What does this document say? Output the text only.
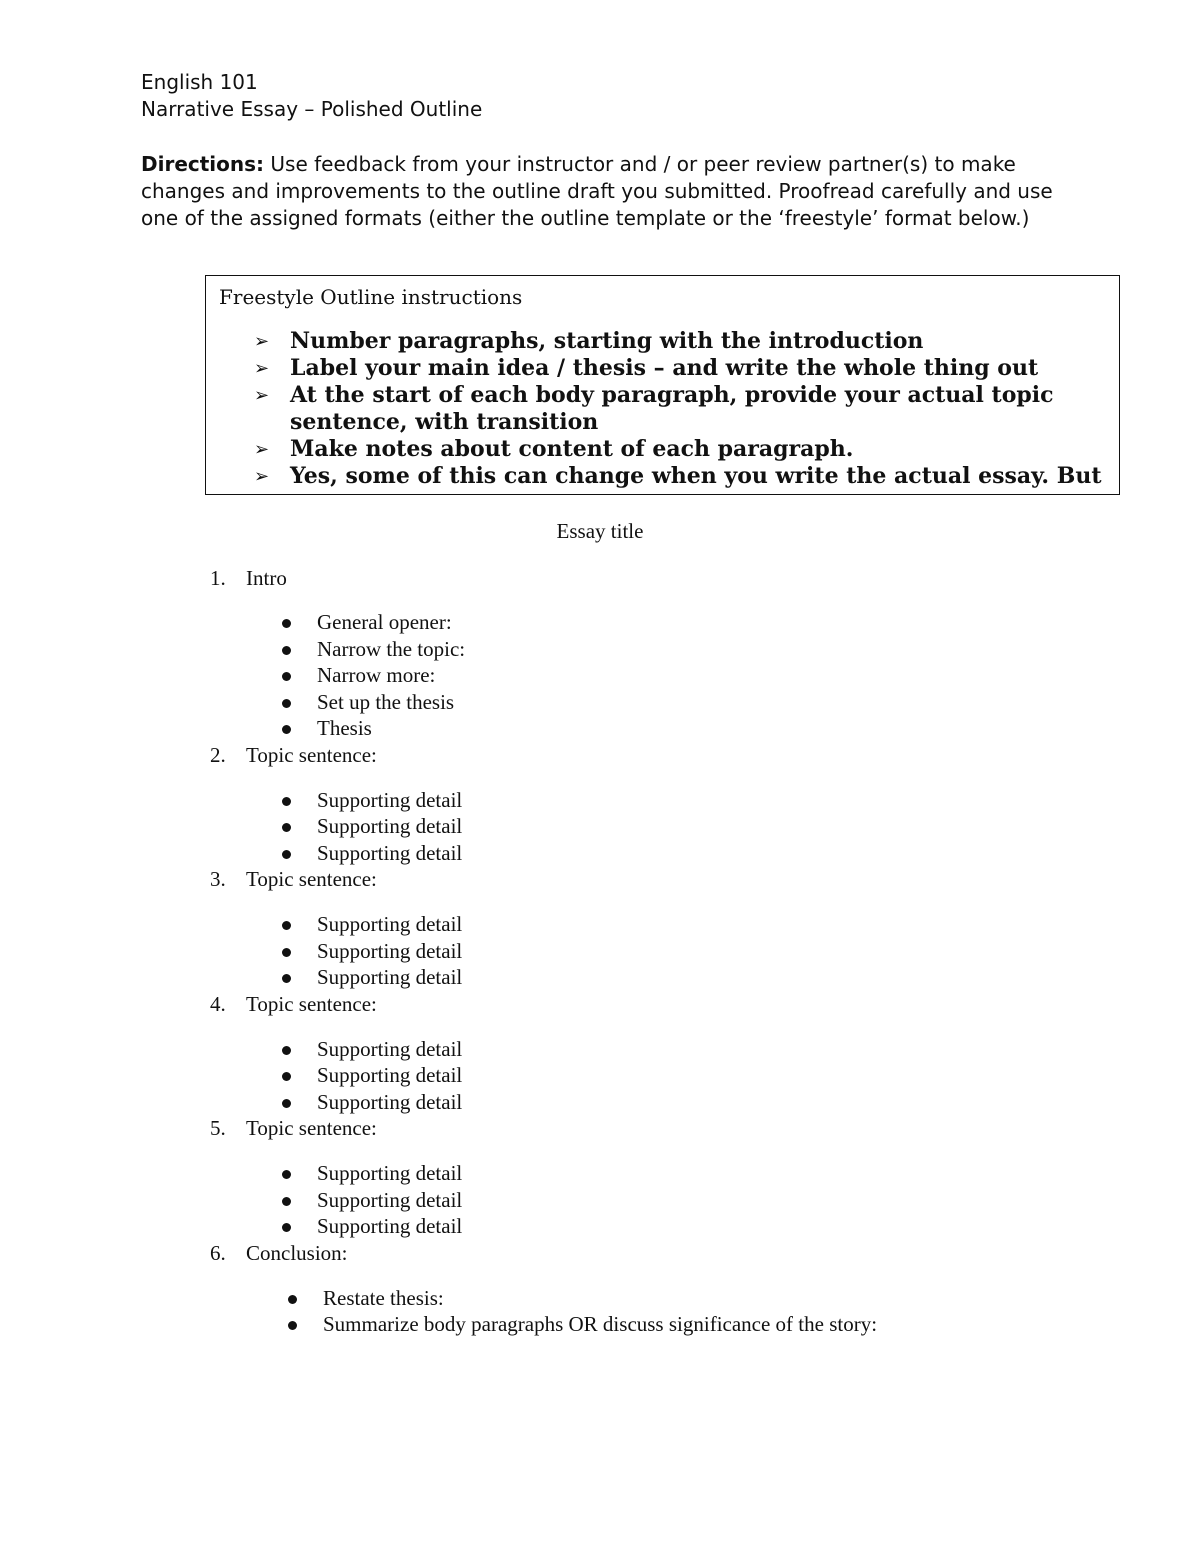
English 101
Narrative Essay – Polished Outline
Directions: Use feedback from your instructor and / or peer review partner(s) to make changes and improvements to the outline draft you submitted. Proofread carefully and use one of the assigned formats (either the outline template or the ‘freestyle’ format below.)
Freestyle Outline instructions
➢ Number paragraphs, starting with the introduction
➢ Label your main idea / thesis – and write the whole thing out
➢ At the start of each body paragraph, provide your actual topic sentence, with transition
➢ Make notes about content of each paragraph.
➢ Yes, some of this can change when you write the actual essay. But
Essay title
1. Intro
General opener:
Narrow the topic:
Narrow more:
Set up the thesis
Thesis
2. Topic sentence:
Supporting detail
Supporting detail
Supporting detail
3. Topic sentence:
Supporting detail
Supporting detail
Supporting detail
4. Topic sentence:
Supporting detail
Supporting detail
Supporting detail
5. Topic sentence:
Supporting detail
Supporting detail
Supporting detail
6. Conclusion:
Restate thesis:
Summarize body paragraphs OR discuss significance of the story:
